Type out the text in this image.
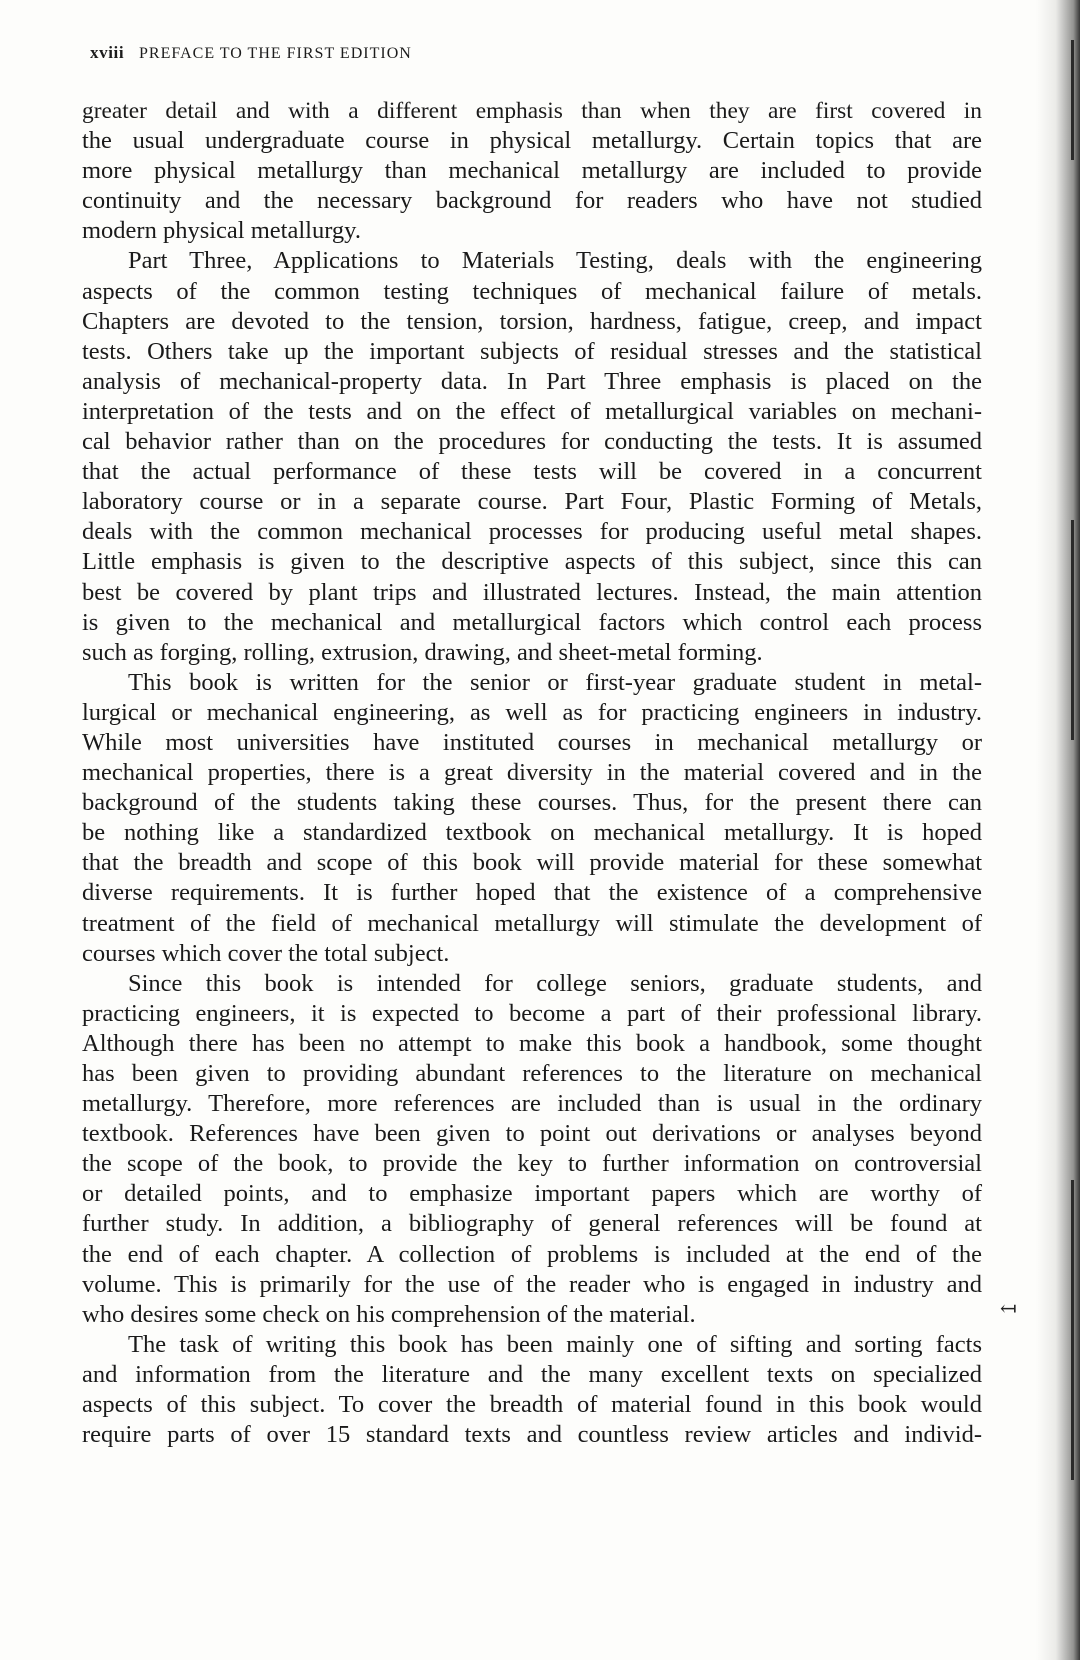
xviii PREFACE TO THE FIRST EDITION
greater detail and with a different emphasis than when they are first covered in
the usual undergraduate course in physical metallurgy. Certain topics that are
more physical metallurgy than mechanical metallurgy are included to provide
continuity and the necessary background for readers who have not studied
modern physical metallurgy.
Part Three, Applications to Materials Testing, deals with the engineering
aspects of the common testing techniques of mechanical failure of metals.
Chapters are devoted to the tension, torsion, hardness, fatigue, creep, and impact
tests. Others take up the important subjects of residual stresses and the statistical
analysis of mechanical-property data. In Part Three emphasis is placed on the
interpretation of the tests and on the effect of metallurgical variables on mechani-
cal behavior rather than on the procedures for conducting the tests. It is assumed
that the actual performance of these tests will be covered in a concurrent
laboratory course or in a separate course. Part Four, Plastic Forming of Metals,
deals with the common mechanical processes for producing useful metal shapes.
Little emphasis is given to the descriptive aspects of this subject, since this can
best be covered by plant trips and illustrated lectures. Instead, the main attention
is given to the mechanical and metallurgical factors which control each process
such as forging, rolling, extrusion, drawing, and sheet-metal forming.
This book is written for the senior or first-year graduate student in metal-
lurgical or mechanical engineering, as well as for practicing engineers in industry.
While most universities have instituted courses in mechanical metallurgy or
mechanical properties, there is a great diversity in the material covered and in the
background of the students taking these courses. Thus, for the present there can
be nothing like a standardized textbook on mechanical metallurgy. It is hoped
that the breadth and scope of this book will provide material for these somewhat
diverse requirements. It is further hoped that the existence of a comprehensive
treatment of the field of mechanical metallurgy will stimulate the development of
courses which cover the total subject.
Since this book is intended for college seniors, graduate students, and
practicing engineers, it is expected to become a part of their professional library.
Although there has been no attempt to make this book a handbook, some thought
has been given to providing abundant references to the literature on mechanical
metallurgy. Therefore, more references are included than is usual in the ordinary
textbook. References have been given to point out derivations or analyses beyond
the scope of the book, to provide the key to further information on controversial
or detailed points, and to emphasize important papers which are worthy of
further study. In addition, a bibliography of general references will be found at
the end of each chapter. A collection of problems is included at the end of the
volume. This is primarily for the use of the reader who is engaged in industry and
who desires some check on his comprehension of the material.
The task of writing this book has been mainly one of sifting and sorting facts
and information from the literature and the many excellent texts on specialized
aspects of this subject. To cover the breadth of material found in this book would
require parts of over 15 standard texts and countless review articles and individ-
↤
